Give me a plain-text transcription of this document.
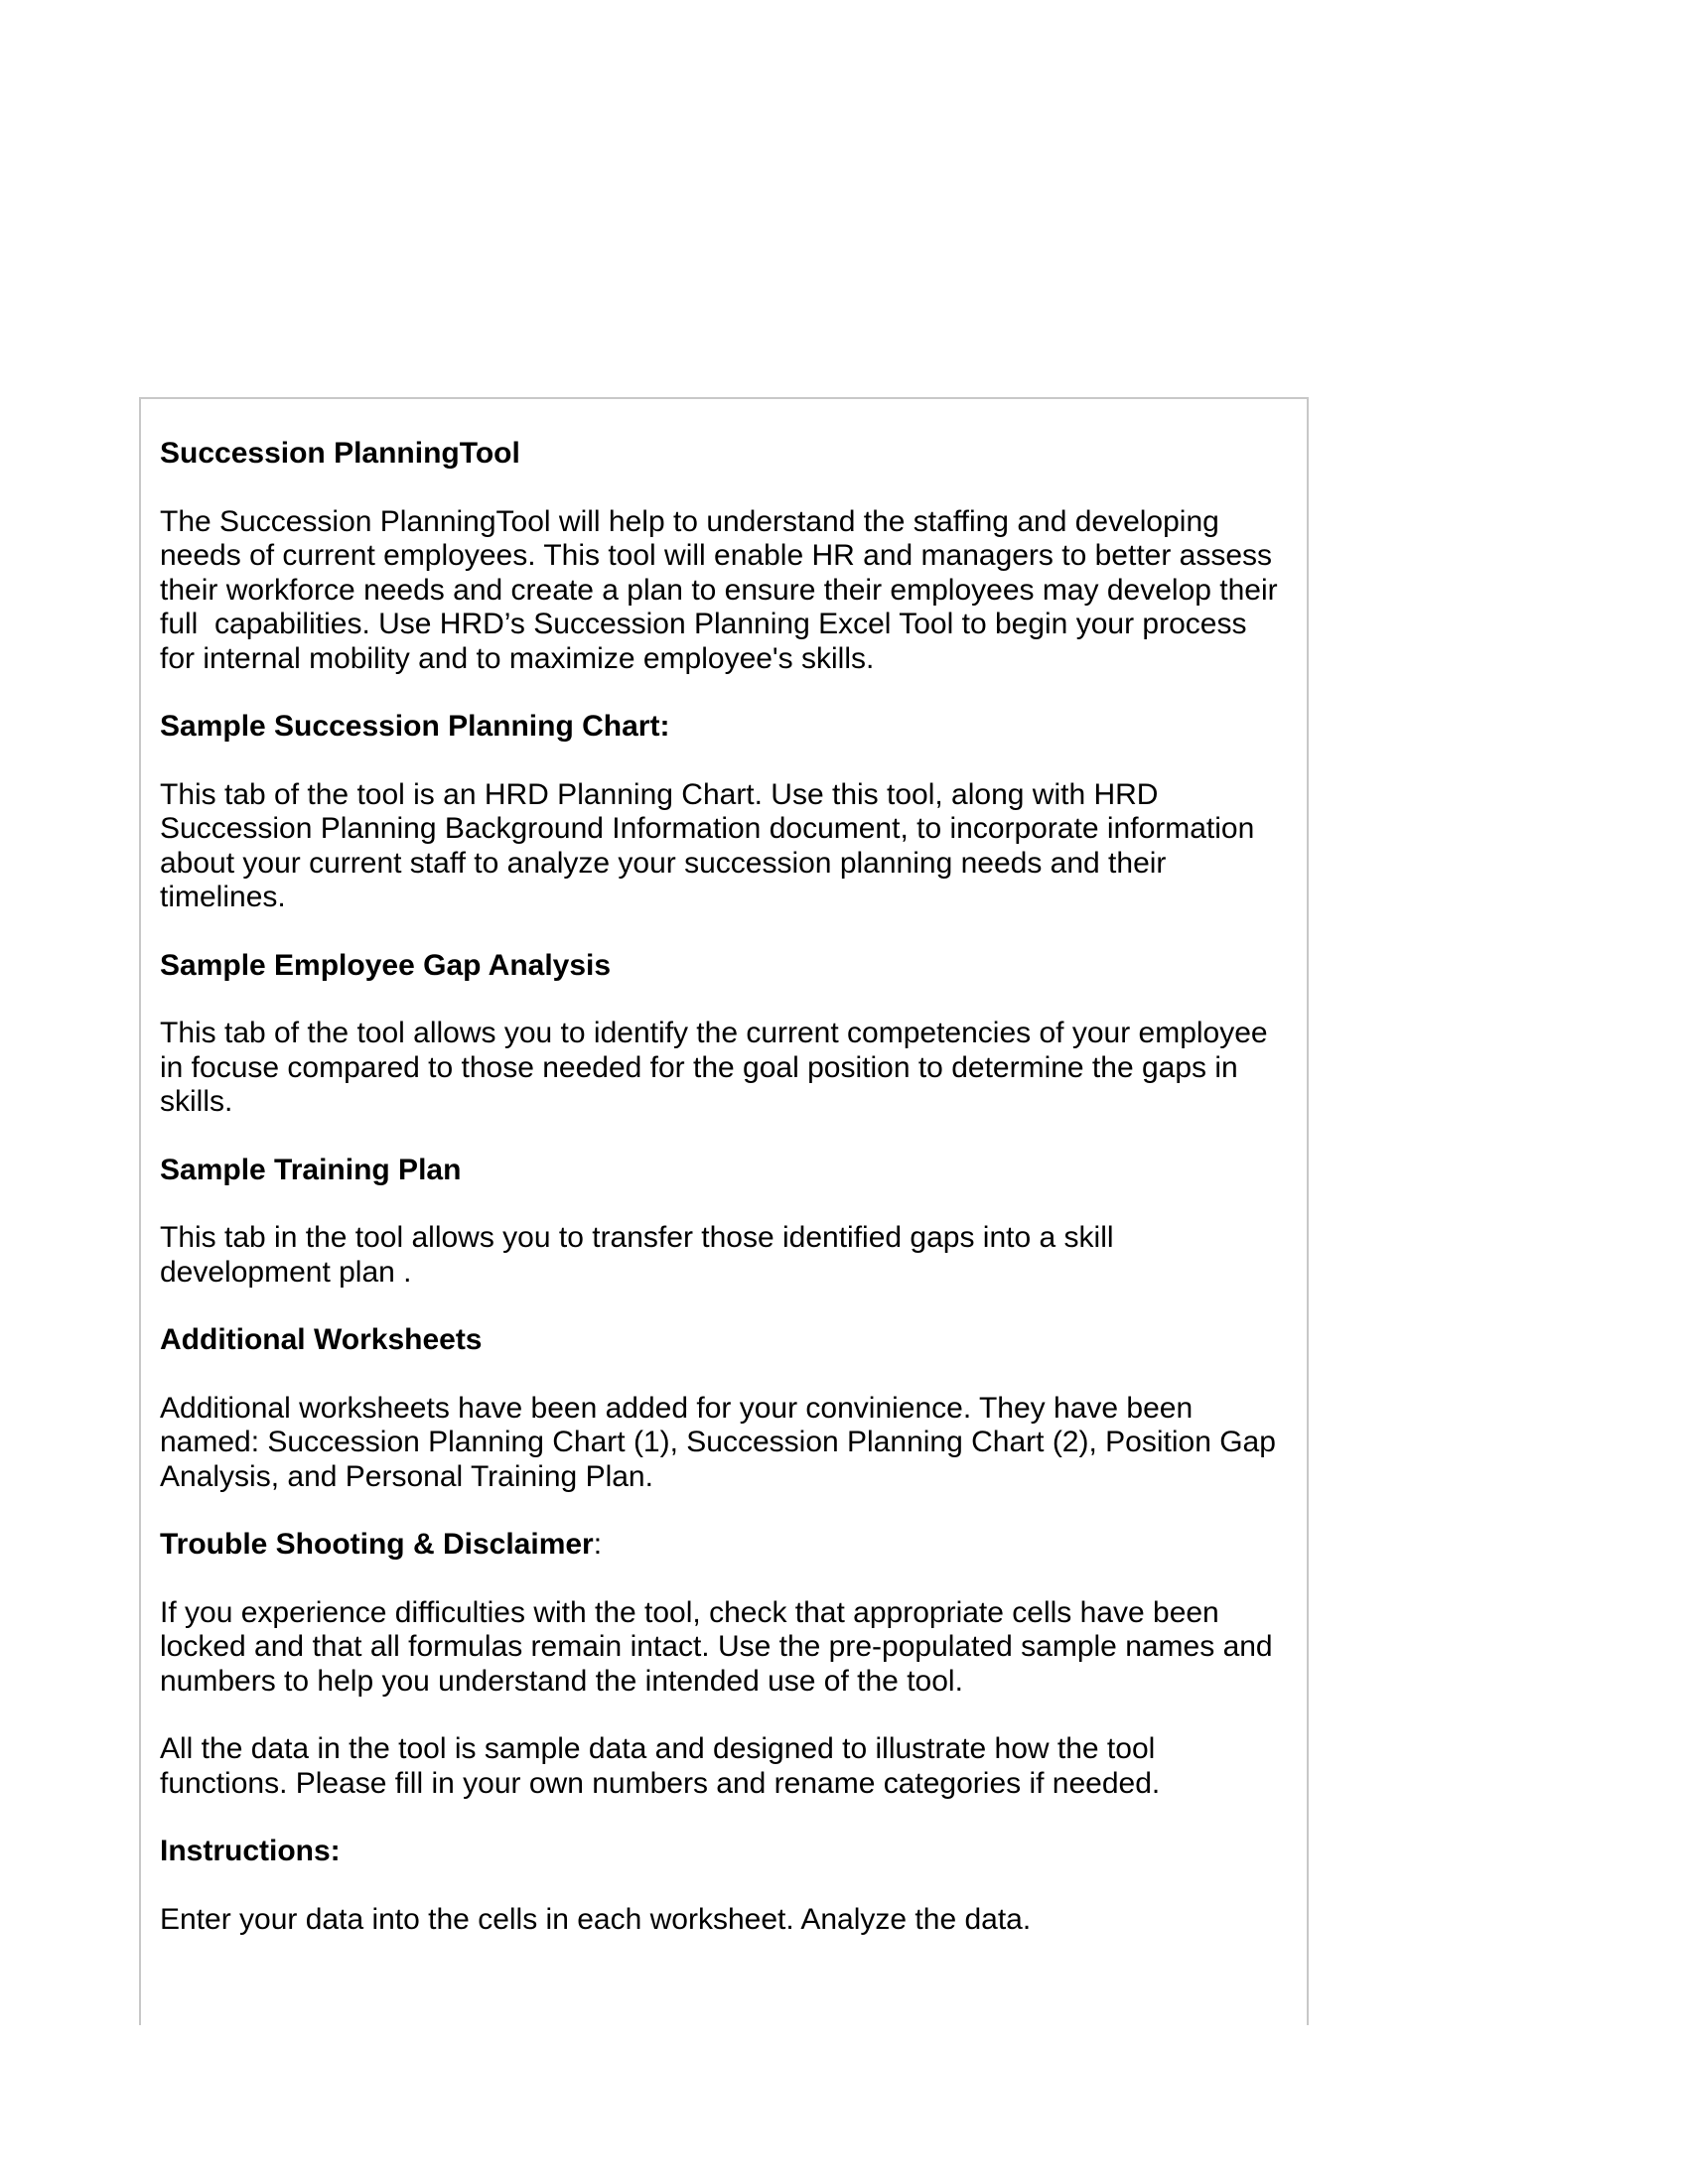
Succession PlanningTool
The Succession PlanningTool will help to understand the staffing and developing needs of current employees. This tool will enable HR and managers to better assess their workforce needs and create a plan to ensure their employees may develop their full  capabilities. Use HRD’s Succession Planning Excel Tool to begin your process for internal mobility and to maximize employee's skills.
Sample Succession Planning Chart:
This tab of the tool is an HRD Planning Chart. Use this tool, along with HRD Succession Planning Background Information document, to incorporate information about your current staff to analyze your succession planning needs and their timelines.
Sample Employee Gap Analysis
This tab of the tool allows you to identify the current competencies of your employee in focuse compared to those needed for the goal position to determine the gaps in skills.
Sample Training Plan
This tab in the tool allows you to transfer those identified gaps into a skill development plan .
Additional Worksheets
Additional worksheets have been added for your convinience. They have been named: Succession Planning Chart (1), Succession Planning Chart (2), Position Gap Analysis, and Personal Training Plan.
Trouble Shooting & Disclaimer:
If you experience difficulties with the tool, check that appropriate cells have been locked and that all formulas remain intact. Use the pre-populated sample names and numbers to help you understand the intended use of the tool.
All the data in the tool is sample data and designed to illustrate how the tool functions. Please fill in your own numbers and rename categories if needed.
Instructions:
Enter your data into the cells in each worksheet. Analyze the data.
